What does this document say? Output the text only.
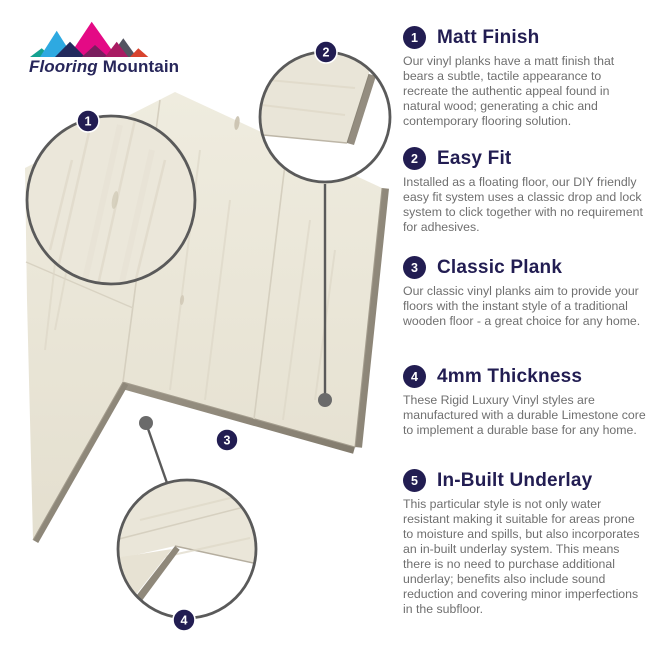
1
2
3
4
Flooring Mountain
1	Matt Finish

Our vinyl planks have a matt finish that bears a subtle, tactile appearance to recreate the authentic appeal found in natural wood; generating a chic and contemporary flooring solution.

2	Easy Fit

Installed as a floating floor, our DIY friendly easy fit system uses a classic drop and lock system to click together with no requirement for adhesives.

3	Classic Plank

Our classic vinyl planks aim to provide your floors with the instant style of a traditional wooden floor - a great choice for any home.

4	4mm Thickness

These Rigid Luxury Vinyl styles are manufactured with a durable Limestone core to implement a durable base for any home.

5	In-Built Underlay

This particular style is not only water resistant making it suitable for areas prone to moisture and spills, but also incorporates an in-built underlay system. This means there is no need to purchase additional underlay; benefits also include sound reduction and covering minor imperfections in the subfloor.
